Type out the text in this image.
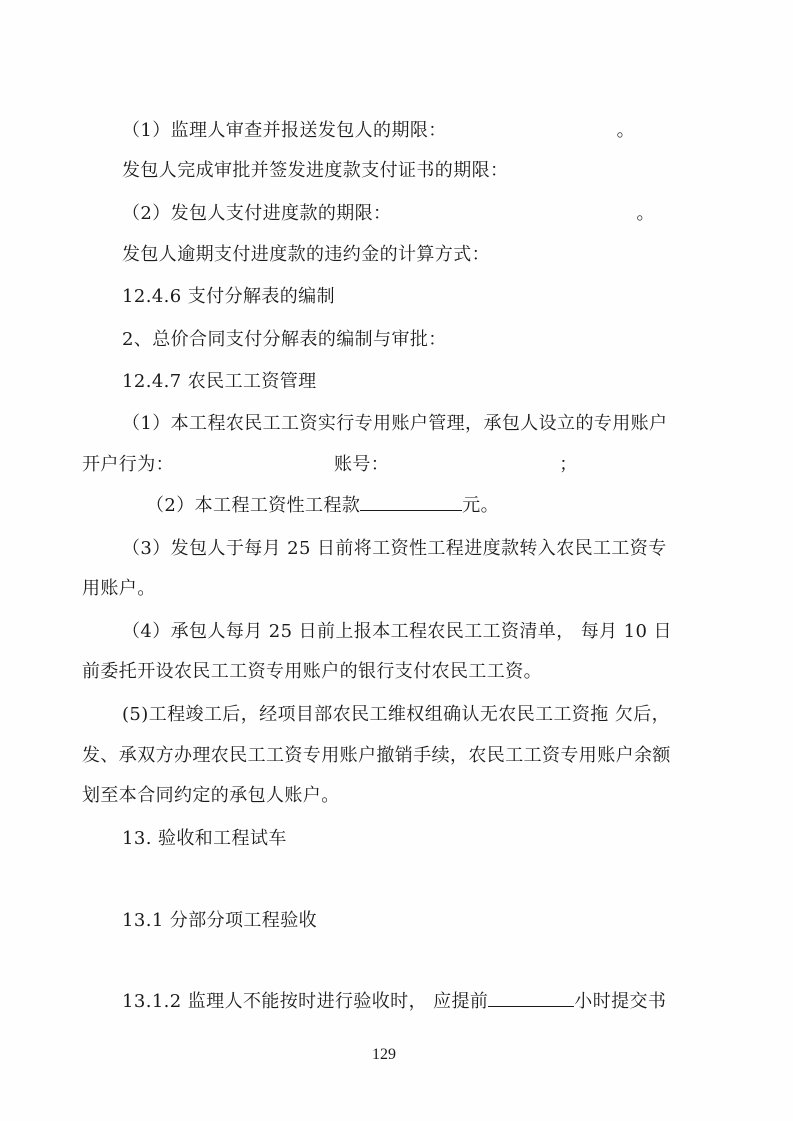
（1）监理人审查并报送发包人的期限：	。
发包人完成审批并签发进度款支付证书的期限：
（2）发包人支付进度款的期限：	。
发包人逾期支付进度款的违约金的计算方式：
12.4.6 支付分解表的编制
2、总价合同支付分解表的编制与审批：
12.4.7 农民工工资管理
（1）本工程农民工工资实行专用账户管理，承包人设立的专用账户
开户行为：	账号：	；
（2）本工程工资性工程款	元。
（3）发包人于每月 25 日前将工资性工程进度款转入农民工工资专
用账户。
（4）承包人每月 25 日前上报本工程农民工工资清单， 每月 10 日
前委托开设农民工工资专用账户的银行支付农民工工资。
(5)工程竣工后，经项目部农民工维权组确认无农民工工资拖 欠后，
发、承双方办理农民工工资专用账户撤销手续，农民工工资专用账户余额
划至本合同约定的承包人账户。
13. 验收和工程试车
13.1 分部分项工程验收
13.1.2 监理人不能按时进行验收时， 应提前	小时提交书
129
